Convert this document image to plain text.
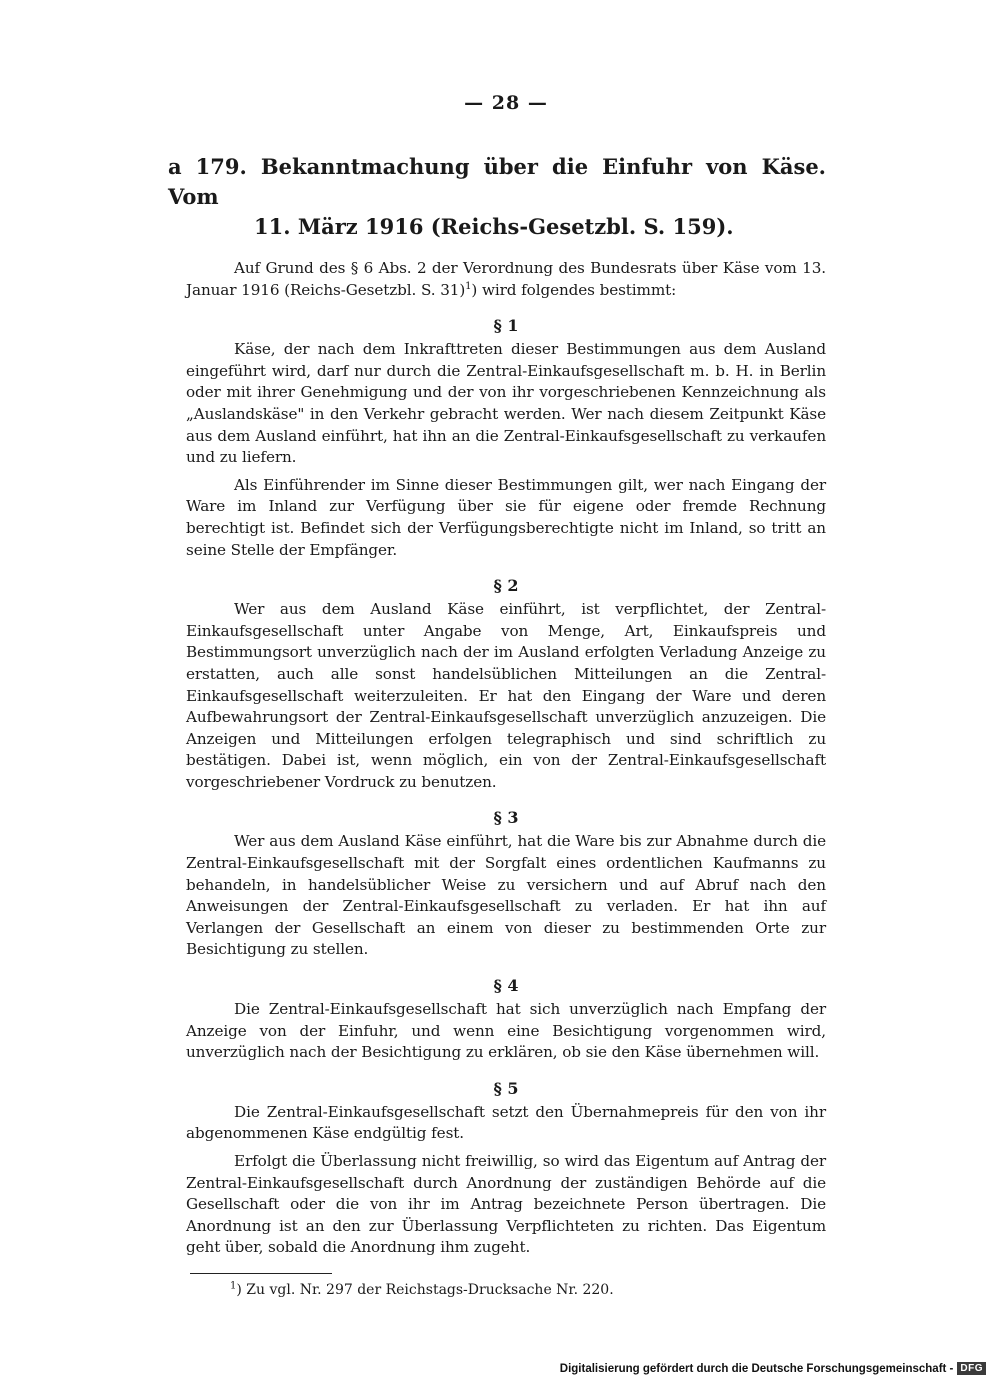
— 28 —
a 179. Bekanntmachung über die Einfuhr von Käse. Vom
11. März 1916 (Reichs-Gesetzbl. S. 159).

Auf Grund des § 6 Abs. 2 der Verordnung des Bundesrats über Käse vom 13. Januar 1916 (Reichs-Gesetzbl. S. 31)$^1$) wird folgendes bestimmt:

§ 1

Käse, der nach dem Inkrafttreten dieser Bestimmungen aus dem Ausland eingeführt wird, darf nur durch die Zentral-Einkaufsgesellschaft m. b. H. in Berlin oder mit ihrer Genehmigung und der von ihr vorgeschriebenen Kennzeichnung als „Auslandskäse" in den Verkehr gebracht werden. Wer nach diesem Zeitpunkt Käse aus dem Ausland einführt, hat ihn an die Zentral-Einkaufsgesellschaft zu verkaufen und zu liefern.

Als Einführender im Sinne dieser Bestimmungen gilt, wer nach Eingang der Ware im Inland zur Verfügung über sie für eigene oder fremde Rechnung berechtigt ist. Befindet sich der Verfügungsberechtigte nicht im Inland, so tritt an seine Stelle der Empfänger.

§ 2

Wer aus dem Ausland Käse einführt, ist verpflichtet, der Zentral-Einkaufsgesellschaft unter Angabe von Menge, Art, Einkaufspreis und Bestimmungsort unverzüglich nach der im Ausland erfolgten Verladung Anzeige zu erstatten, auch alle sonst handelsüblichen Mitteilungen an die Zentral-Einkaufsgesellschaft weiterzuleiten. Er hat den Eingang der Ware und deren Aufbewahrungsort der Zentral-Einkaufsgesellschaft unverzüglich anzuzeigen. Die Anzeigen und Mitteilungen erfolgen telegraphisch und sind schriftlich zu bestätigen. Dabei ist, wenn möglich, ein von der Zentral-Einkaufsgesellschaft vorgeschriebener Vordruck zu benutzen.

§ 3

Wer aus dem Ausland Käse einführt, hat die Ware bis zur Abnahme durch die Zentral-Einkaufsgesellschaft mit der Sorgfalt eines ordentlichen Kaufmanns zu behandeln, in handelsüblicher Weise zu versichern und auf Abruf nach den Anweisungen der Zentral-Einkaufsgesellschaft zu verladen. Er hat ihn auf Verlangen der Gesellschaft an einem von dieser zu bestimmenden Orte zur Besichtigung zu stellen.

§ 4

Die Zentral-Einkaufsgesellschaft hat sich unverzüglich nach Empfang der Anzeige von der Einfuhr, und wenn eine Besichtigung vorgenommen wird, unverzüglich nach der Besichtigung zu erklären, ob sie den Käse übernehmen will.

§ 5

Die Zentral-Einkaufsgesellschaft setzt den Übernahmepreis für den von ihr abgenommenen Käse endgültig fest.

Erfolgt die Überlassung nicht freiwillig, so wird das Eigentum auf Antrag der Zentral-Einkaufsgesellschaft durch Anordnung der zuständigen Behörde auf die Gesellschaft oder die von ihr im Antrag bezeichnete Person übertragen. Die Anordnung ist an den zur Überlassung Verpflichteten zu richten. Das Eigentum geht über, sobald die Anordnung ihm zugeht.

$^1$) Zu vgl. Nr. 297 der Reichstags-Drucksache Nr. 220.

Digitalisierung gefördert durch die Deutsche Forschungsgemeinschaft - DFG
